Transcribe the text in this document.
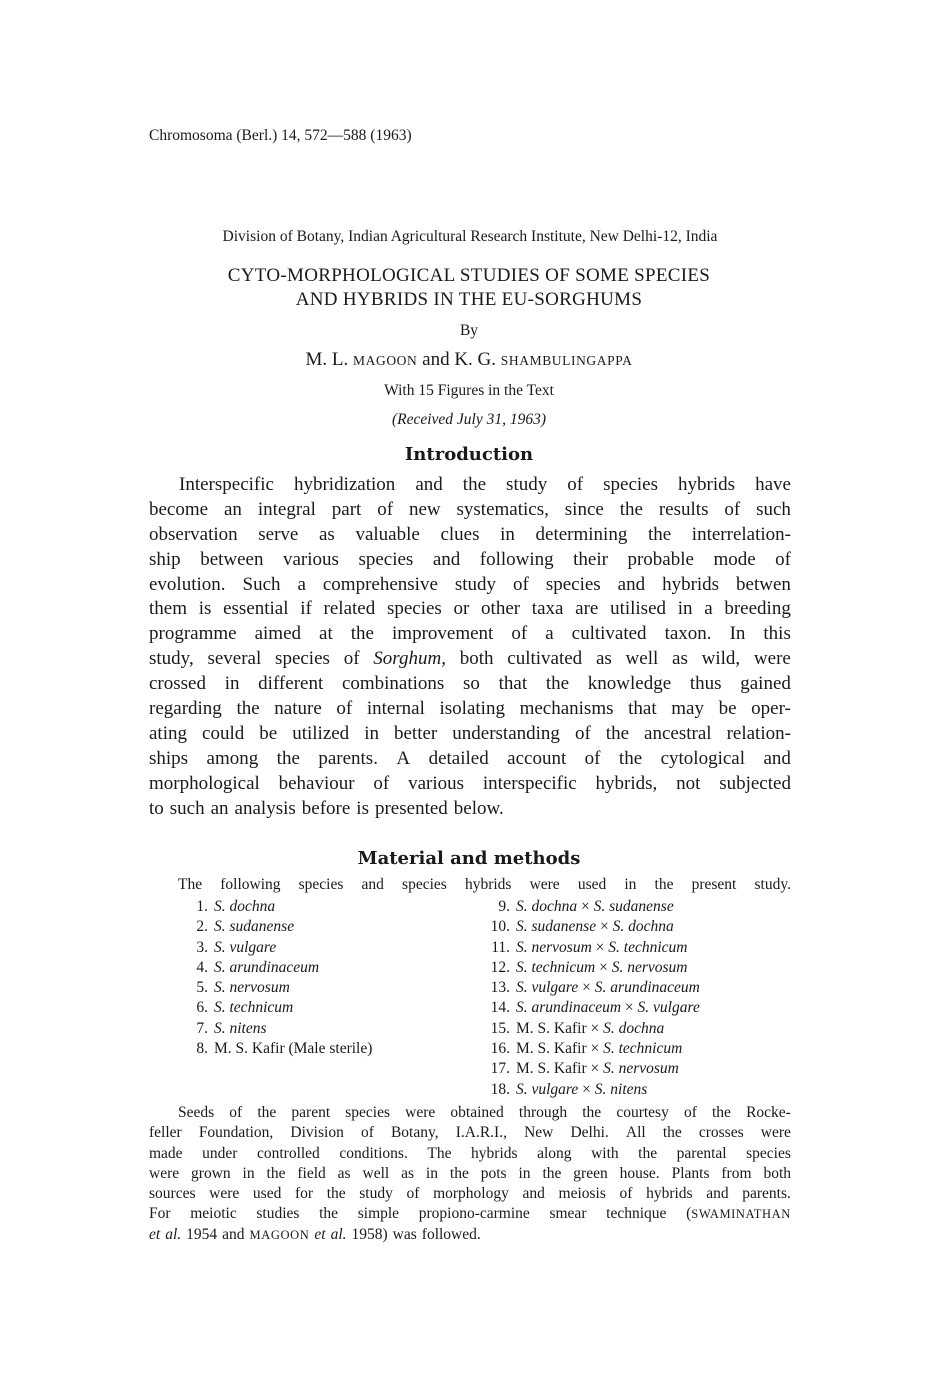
Chromosoma (Berl.) 14, 572—588 (1963)
Division of Botany, Indian Agricultural Research Institute, New Delhi-12, India
CYTO-MORPHOLOGICAL STUDIES OF SOME SPECIES
AND HYBRIDS IN THE EU-SORGHUMS
By
M. L. MAGOON and K. G. SHAMBULINGAPPA
With 15 Figures in the Text
(Received July 31, 1963)
Introduction
Interspecific hybridization and the study of species hybrids have
become an integral part of new systematics, since the results of such
observation serve as valuable clues in determining the interrelation-
ship between various species and following their probable mode of
evolution. Such a comprehensive study of species and hybrids betwen
them is essential if related species or other taxa are utilised in a breeding
programme aimed at the improvement of a cultivated taxon. In this
study, several species of Sorghum, both cultivated as well as wild, were
crossed in different combinations so that the knowledge thus gained
regarding the nature of internal isolating mechanisms that may be oper-
ating could be utilized in better understanding of the ancestral relation-
ships among the parents. A detailed account of the cytological and
morphological behaviour of various interspecific hybrids, not subjected
to such an analysis before is presented below.
Material and methods
The following species and species hybrids were used in the present study.
1. S. dochna
2. S. sudanense
3. S. vulgare
4. S. arundinaceum
5. S. nervosum
6. S. technicum
7. S. nitens
8. M. S. Kafir (Male sterile)
9. S. dochna × S. sudanense
10. S. sudanense × S. dochna
11. S. nervosum × S. technicum
12. S. technicum × S. nervosum
13. S. vulgare × S. arundinaceum
14. S. arundinaceum × S. vulgare
15. M. S. Kafir × S. dochna
16. M. S. Kafir × S. technicum
17. M. S. Kafir × S. nervosum
18. S. vulgare × S. nitens
Seeds of the parent species were obtained through the courtesy of the Rocke-
feller Foundation, Division of Botany, I.A.R.I., New Delhi. All the crosses were
made under controlled conditions. The hybrids along with the parental species
were grown in the field as well as in the pots in the green house. Plants from both
sources were used for the study of morphology and meiosis of hybrids and parents.
For meiotic studies the simple propiono-carmine smear technique (SWAMINATHAN
et al. 1954 and MAGOON et al. 1958) was followed.
